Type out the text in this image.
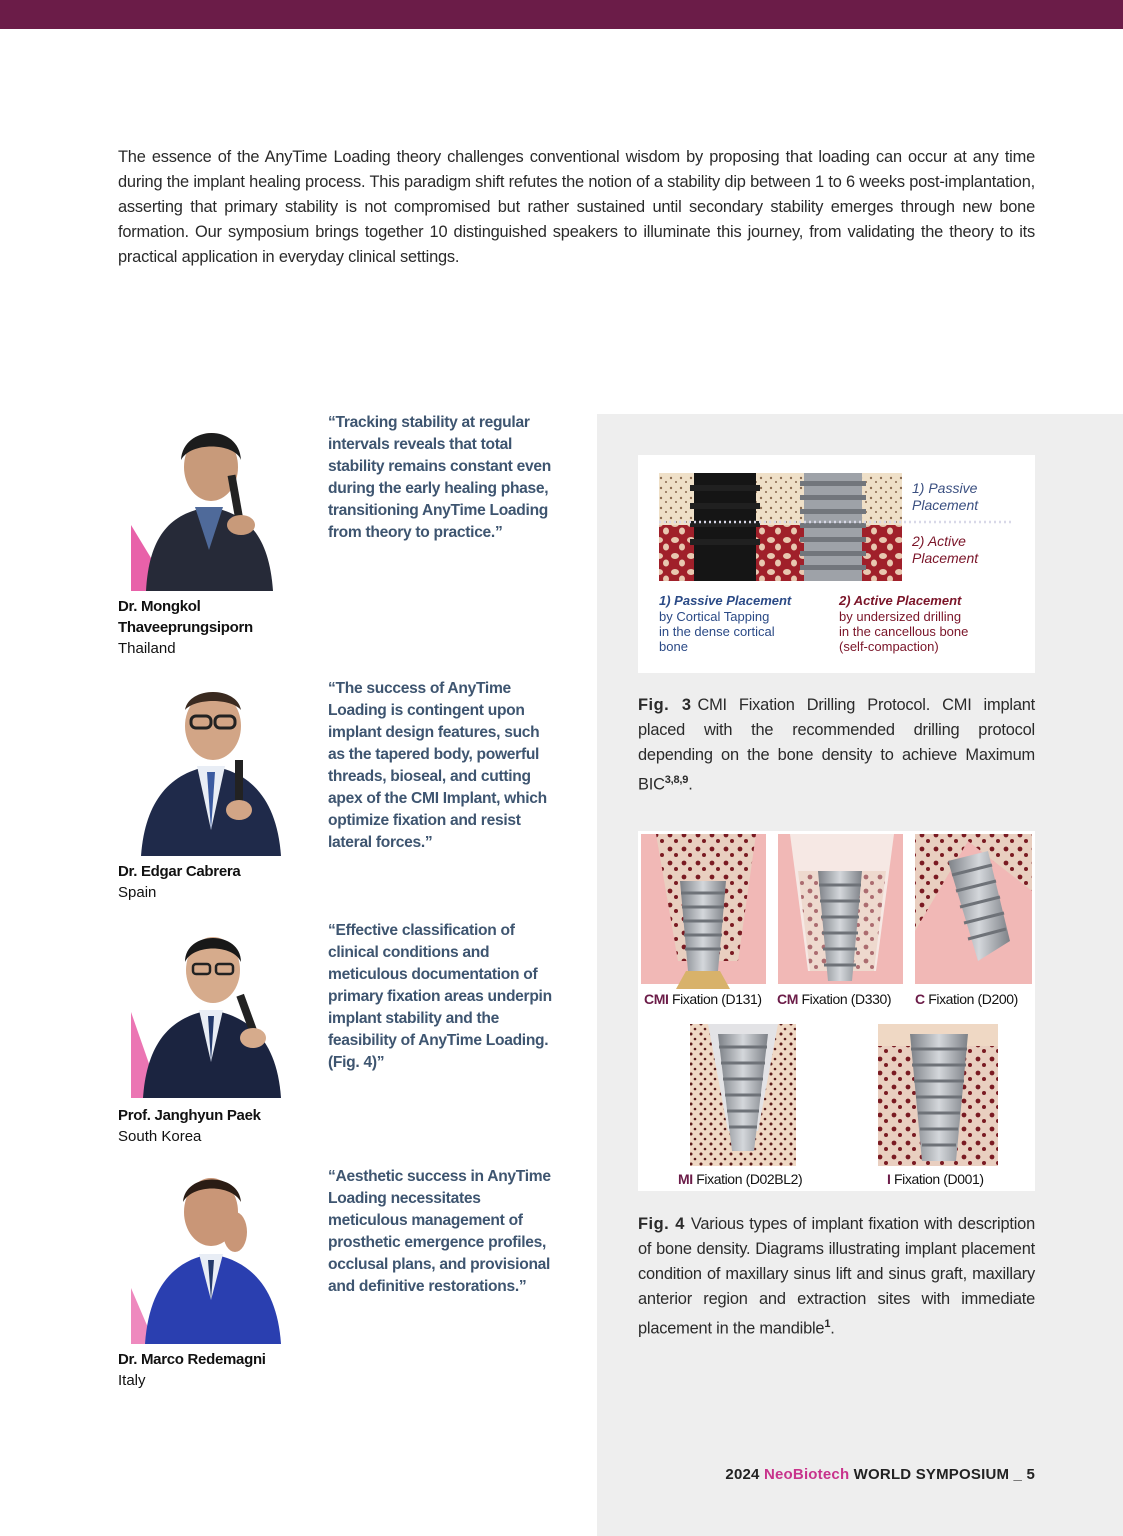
The essence of the AnyTime Loading theory challenges conventional wisdom by proposing that loading can occur at any time during the implant healing process. This paradigm shift refutes the notion of a stability dip between 1 to 6 weeks post-implantation, asserting that primary stability is not compromised but rather sustained until secondary stability emerges through new bone formation. Our symposium brings together 10 distinguished speakers to illuminate this journey, from validating the theory to its practical application in everyday clinical settings.

Dr. Mongkol Thaveeprungsiporn
Thailand
“Tracking stability at regular intervals reveals that total stability remains constant even during the early healing phase, transitioning AnyTime Loading from theory to practice.”
Dr. Edgar Cabrera
Spain
“The success of AnyTime Loading is contingent upon implant design features, such as the tapered body, powerful threads, bioseal, and cutting apex of the CMI Implant, which optimize fixation and resist lateral forces.”
Prof. Janghyun Paek
South Korea
“Effective classification of clinical conditions and meticulous documentation of primary fixation areas underpin implant stability and the feasibility of AnyTime Loading. (Fig. 4)”
Dr. Marco Redemagni
Italy
“Aesthetic success in AnyTime Loading necessitates meticulous management of prosthetic emergence profiles, occlusal plans, and provisional and definitive restorations.”
1) Passive
Placement
2) Active
Placement
1) Passive Placement
by Cortical Tapping
in the dense cortical
bone
2) Active Placement
by undersized drilling
in the cancellous bone
(self-compaction)

Fig. 3 CMI Fixation Drilling Protocol. CMI implant placed with the recommended drilling protocol depending on the bone density to achieve Maximum BIC$^{3,8,9}$.

CMI Fixation (D131) CM Fixation (D330) C Fixation (D200)
MI Fixation (D02BL2)	I Fixation (D001)

Fig. 4 Various types of implant fixation with description of bone density. Diagrams illustrating implant placement condition of maxillary sinus lift and sinus graft, maxillary anterior region and extraction sites with immediate placement in the mandible$^1$.

2024 NeoBiotech WORLD SYMPOSIUM _ 5
